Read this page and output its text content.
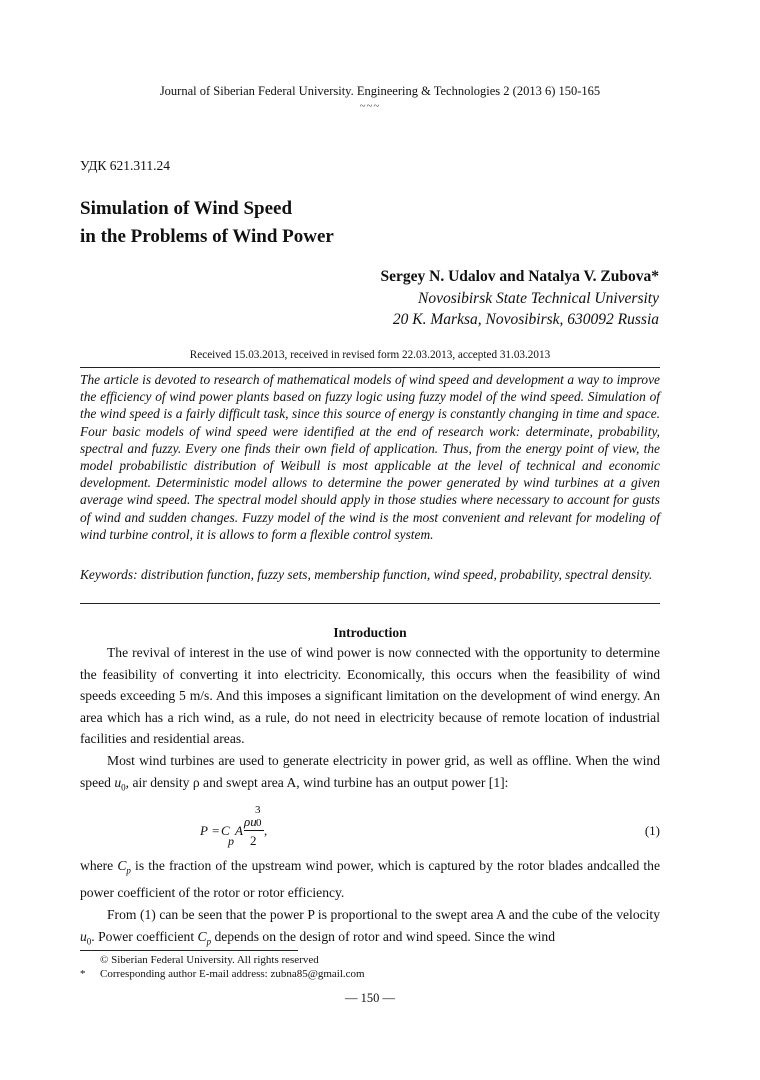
Journal of Siberian Federal University. Engineering & Technologies 2 (2013 6) 150-165
~~~
УДК 621.311.24
Simulation of Wind Speed
in the Problems of Wind Power
Sergey N. Udalov and Natalya V. Zubova*
Novosibirsk State Technical University
20 K. Marksa, Novosibirsk, 630092 Russia
Received 15.03.2013, received in revised form 22.03.2013, accepted 31.03.2013
The article is devoted to research of mathematical models of wind speed and development a way to improve the efficiency of wind power plants based on fuzzy logic using fuzzy model of the wind speed. Simulation of the wind speed is a fairly difficult task, since this source of energy is constantly changing in time and space. Four basic models of wind speed were identified at the end of research work: determinate, probability, spectral and fuzzy. Every one finds their own field of application. Thus, from the energy point of view, the model probabilistic distribution of Weibull is most applicable at the level of technical and economic development. Deterministic model allows to determine the power generated by wind turbines at a given average wind speed. The spectral model should apply in those studies where necessary to account for gusts of wind and sudden changes. Fuzzy model of the wind is the most convenient and relevant for modeling of wind turbine control, it is allows to form a flexible control system.
Keywords: distribution function, fuzzy sets, membership function, wind speed, probability, spectral density.
Introduction

The revival of interest in the use of wind power is now connected with the opportunity to determine the feasibility of converting it into electricity. Economically, this occurs when the feasibility of wind speeds exceeding 5 m/s. And this imposes a significant limitation on the development of wind energy. An area which has a rich wind, as a rule, do not need in electricity because of remote location of industrial facilities and residential areas.

Most wind turbines are used to generate electricity in power grid, as well as offline. When the wind speed $u_0$, air density ρ and swept area A, wind turbine has an output power [1]:

P = C
p
A
ρu
3
0
2
,	(1)

where $C_p$ is the fraction of the upstream wind power, which is captured by the rotor blades andcalled the power coefficient of the rotor or rotor efficiency.

From (1) can be seen that the power P is proportional to the swept area A and the cube of the velocity $u_0$. Power coefficient $C_p$ depends on the design of rotor and wind speed. Since the wind

© Siberian Federal University. All rights reserved
* Corresponding author E-mail address: zubna85@gmail.com
— 150 —
